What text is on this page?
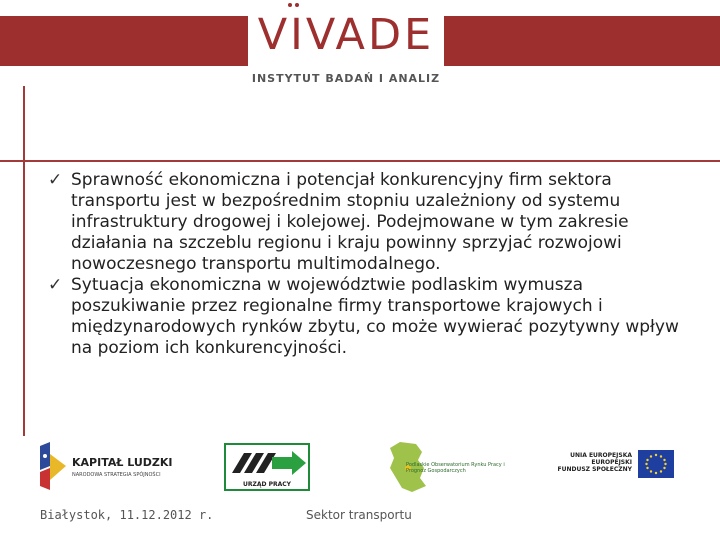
VIVADE
INSTYTUT BADAŃ I ANALIZ
✓ Sprawność ekonomiczna i potencjał konkurencyjny firm sektora transportu jest w bezpośrednim stopniu uzależniony od systemu infrastruktury drogowej i kolejowej. Podejmowane w tym zakresie działania na szczeblu regionu i kraju powinny sprzyjać rozwojowi nowoczesnego transportu multimodalnego.
✓ Sytuacja ekonomiczna w województwie podlaskim wymusza poszukiwanie przez regionalne firmy transportowe krajowych i międzynarodowych rynków zbytu, co może wywierać pozytywny wpływ na poziom ich konkurencyjności.
KAPITAŁ LUDZKI
NARODOWA STRATEGIA SPÓJNOŚCI
URZĄD PRACY
Podlaskie Obserwatorium Rynku Pracy i Prognoz Gospodarczych
UNIA EUROPEJSKA
EUROPEJSKI
FUNDUSZ SPOŁECZNY
Białystok, 11.12.2012 r.	Sektor transportu
